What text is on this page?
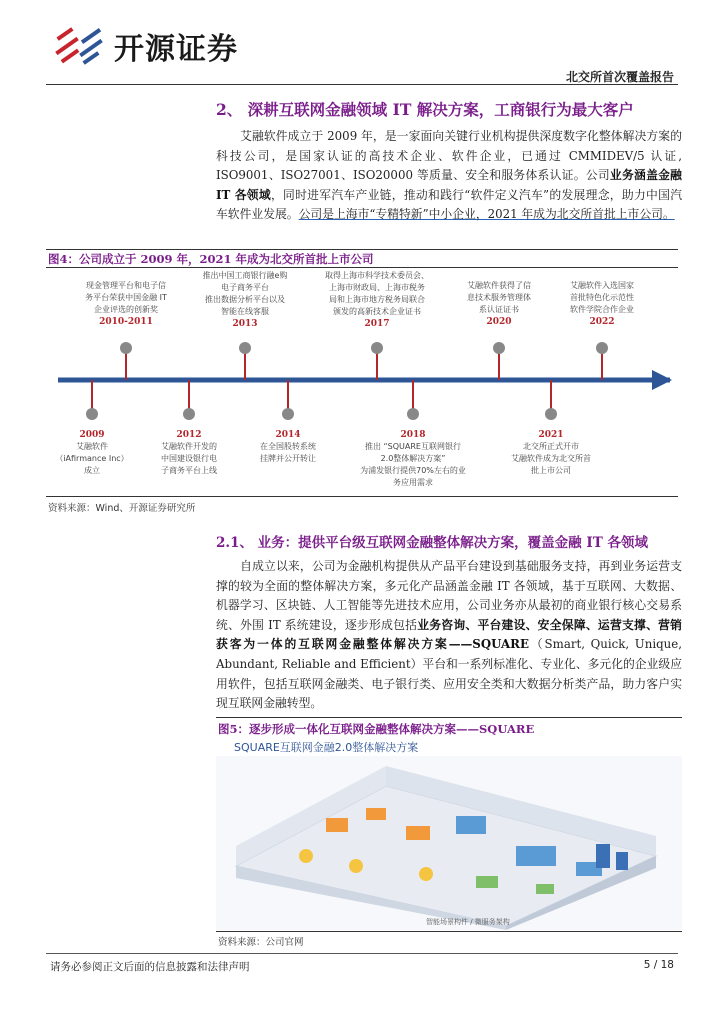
开源证券
北交所首次覆盖报告
2、 深耕互联网金融领域 IT 解决方案，工商银行为最大客户
艾融软件成立于 2009 年，是一家面向关键行业机构提供深度数字化整体解决方案的科技公司，是国家认证的高技术企业、软件企业，已通过 CMMIDEV/5 认证, ISO9001、ISO27001、ISO20000 等质量、安全和服务体系认证。公司业务涵盖金融 IT 各领域，同时进军汽车产业链，推动和践行“软件定义汽车”的发展理念，助力中国汽车软件业发展。公司是上海市“专精特新”中小企业，2021 年成为北交所首批上市公司。
图4：公司成立于 2009 年，2021 年成为北交所首批上市公司
现金管理平台和电子信
务平台荣获中国金融 IT
企业评选的创新奖
2010-2011
推出中国工商银行融e购
电子商务平台
推出数据分析平台以及
智能在线客服
2013
取得上海市科学技术委员会、
上海市财政局、上海市税务
局和上海市地方税务局联合
颁发的高新技术企业证书
2017
艾融软件获得了信
息技术服务管理体
系认证证书
2020
艾融软件入选国家
首批特色化示范性
软件学院合作企业
2022
2009
艾融软件
（iAfirmance Inc）
成立
2012
艾融软件开发的
中国建设银行电
子商务平台上线
2014
在全国股转系统
挂牌并公开转让
2018
推出 “SQUARE互联网银行
2.0整体解决方案”
为浦发银行提供70%左右的业
务应用需求
2021
北交所正式开市
艾融软件成为北交所首
批上市公司
资料来源：Wind、开源证券研究所
2.1、 业务：提供平台级互联网金融整体解决方案，覆盖金融 IT 各领域
自成立以来，公司为金融机构提供从产品平台建设到基础服务支持，再到业务运营支撑的较为全面的整体解决方案，多元化产品涵盖金融 IT 各领域，基于互联网、大数据、机器学习、区块链、人工智能等先进技术应用，公司业务亦从最初的商业银行核心交易系统、外围 IT 系统建设，逐步形成包括业务咨询、平台建设、安全保障、运营支撑、营销获客为一体的互联网金融整体解决方案——SQUARE（Smart, Quick, Unique, Abundant, Reliable and Efficient）平台和一系列标准化、专业化、多元化的企业级应用软件，包括互联网金融类、电子银行类、应用安全类和大数据分析类产品，助力客户实现互联网金融转型。
图5：逐步形成一体化互联网金融整体解决方案——SQUARE
SQUARE互联网金融2.0整体解决方案
智能场景构件 / 微服务架构
资料来源：公司官网
请务必参阅正文后面的信息披露和法律声明	5 / 18
